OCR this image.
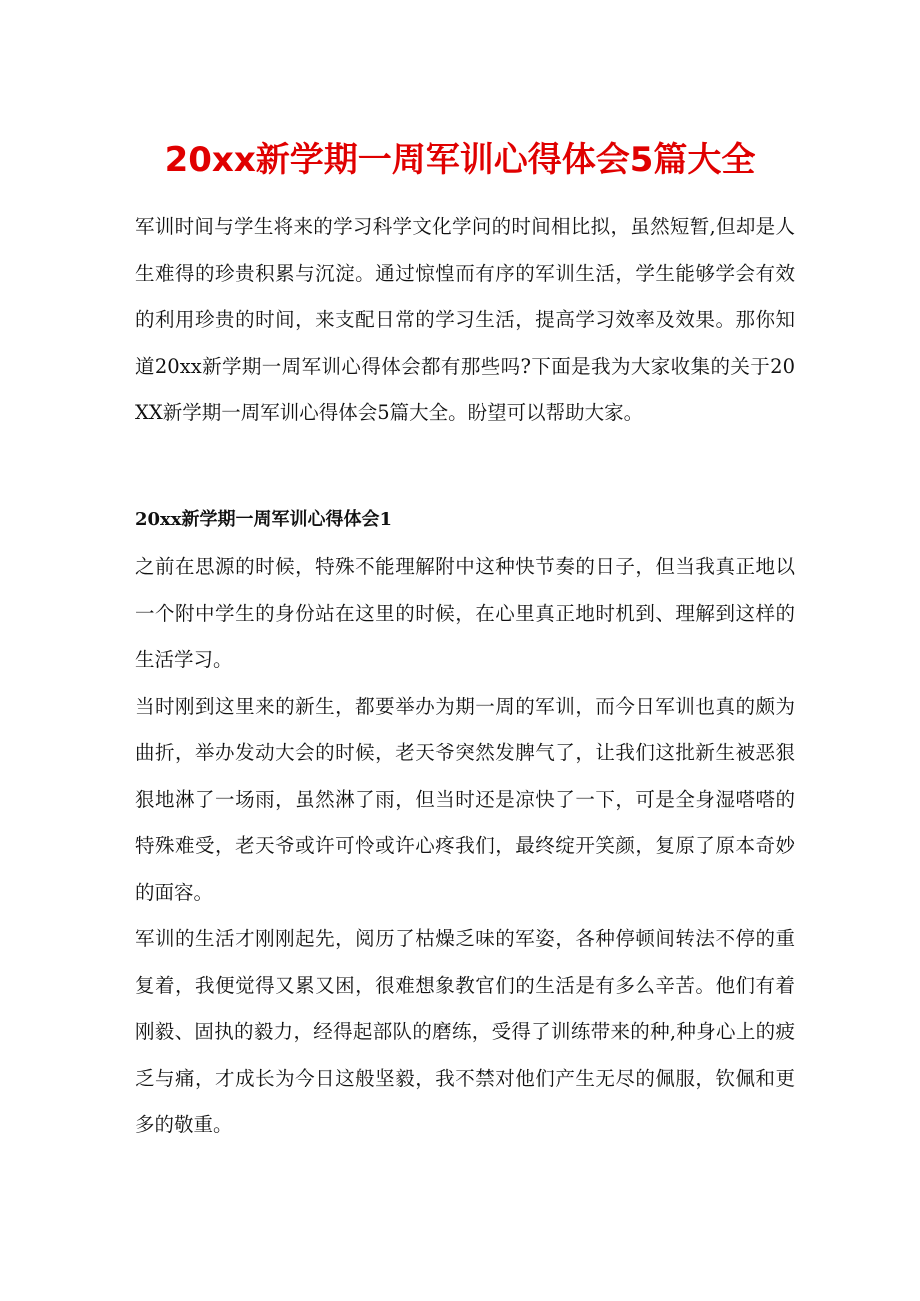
20xx新学期一周军训心得体会5篇大全

军训时间与学生将来的学习科学文化学问的时间相比拟，虽然短暂,但却是人生难得的珍贵积累与沉淀。通过惊惶而有序的军训生活，学生能够学会有效的利用珍贵的时间，来支配日常的学习生活，提高学习效率及效果。那你知道20xx新学期一周军训心得体会都有那些吗?下面是我为大家收集的关于20XX新学期一周军训心得体会5篇大全。盼望可以帮助大家。

20xx新学期一周军训心得体会1

之前在思源的时候，特殊不能理解附中这种快节奏的日子，但当我真正地以一个附中学生的身份站在这里的时候，在心里真正地时机到、理解到这样的生活学习。

当时刚到这里来的新生，都要举办为期一周的军训，而今日军训也真的颇为曲折，举办发动大会的时候，老天爷突然发脾气了，让我们这批新生被恶狠狠地淋了一场雨，虽然淋了雨，但当时还是凉快了一下，可是全身湿嗒嗒的特殊难受，老天爷或许可怜或许心疼我们，最终绽开笑颜，复原了原本奇妙的面容。

军训的生活才刚刚起先，阅历了枯燥乏味的军姿，各种停顿间转法不停的重复着，我便觉得又累又困，很难想象教官们的生活是有多么辛苦。他们有着刚毅、固执的毅力，经得起部队的磨练，受得了训练带来的种,种身心上的疲乏与痛，才成长为今日这般坚毅，我不禁对他们产生无尽的佩服，钦佩和更多的敬重。
